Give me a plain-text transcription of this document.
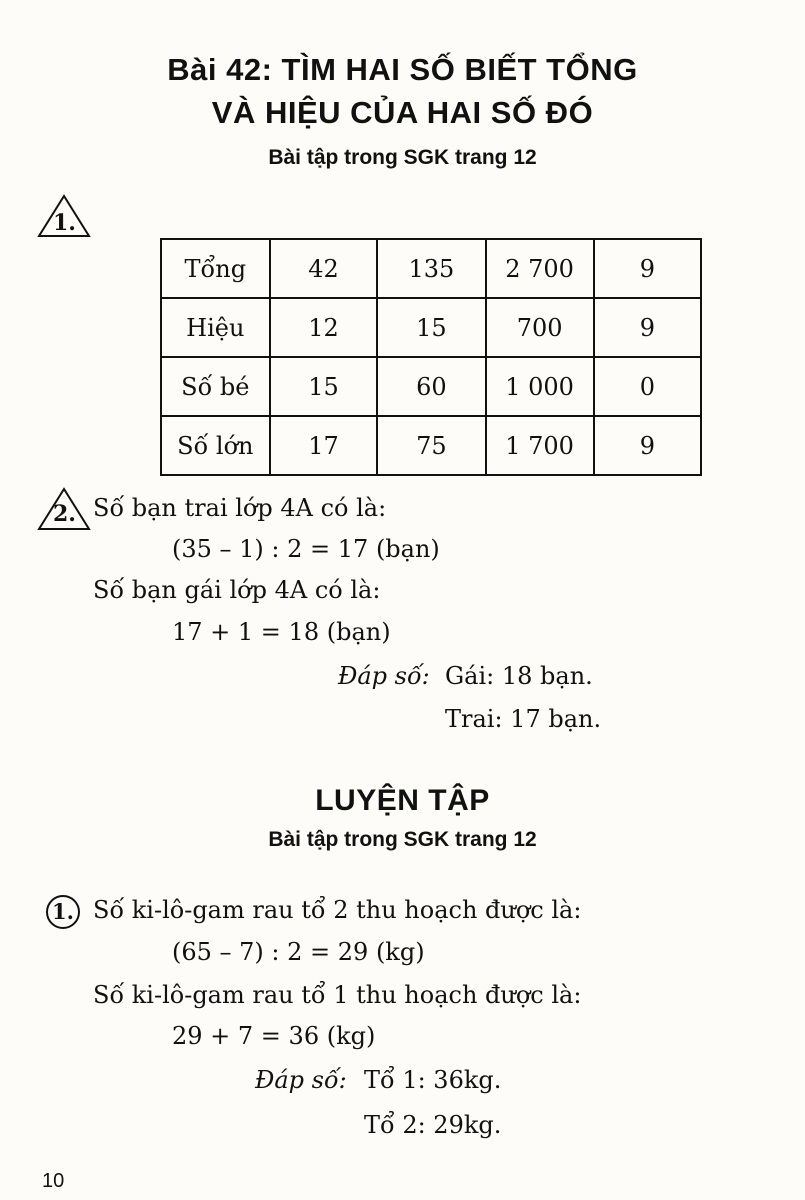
Bài 42: TÌM HAI SỐ BIẾT TỔNG
VÀ HIỆU CỦA HAI SỐ ĐÓ
Bài tập trong SGK trang 12
1.
Tổng	42	135	2 700	9
Hiệu	12	15	700	9
Số bé	15	60	1 000	0
Số lớn	17	75	1 700	9
2. Số bạn trai lớp 4A có là:
(35 – 1) : 2 = 17 (bạn)
Số bạn gái lớp 4A có là:
17 + 1 = 18 (bạn)
Đáp số: Gái: 18 bạn.
Trai: 17 bạn.
LUYỆN TẬP
Bài tập trong SGK trang 12
1. Số ki-lô-gam rau tổ 2 thu hoạch được là:
(65 – 7) : 2 = 29 (kg)
Số ki-lô-gam rau tổ 1 thu hoạch được là:
29 + 7 = 36 (kg)
Đáp số: Tổ 1: 36kg.
Tổ 2: 29kg.
10
